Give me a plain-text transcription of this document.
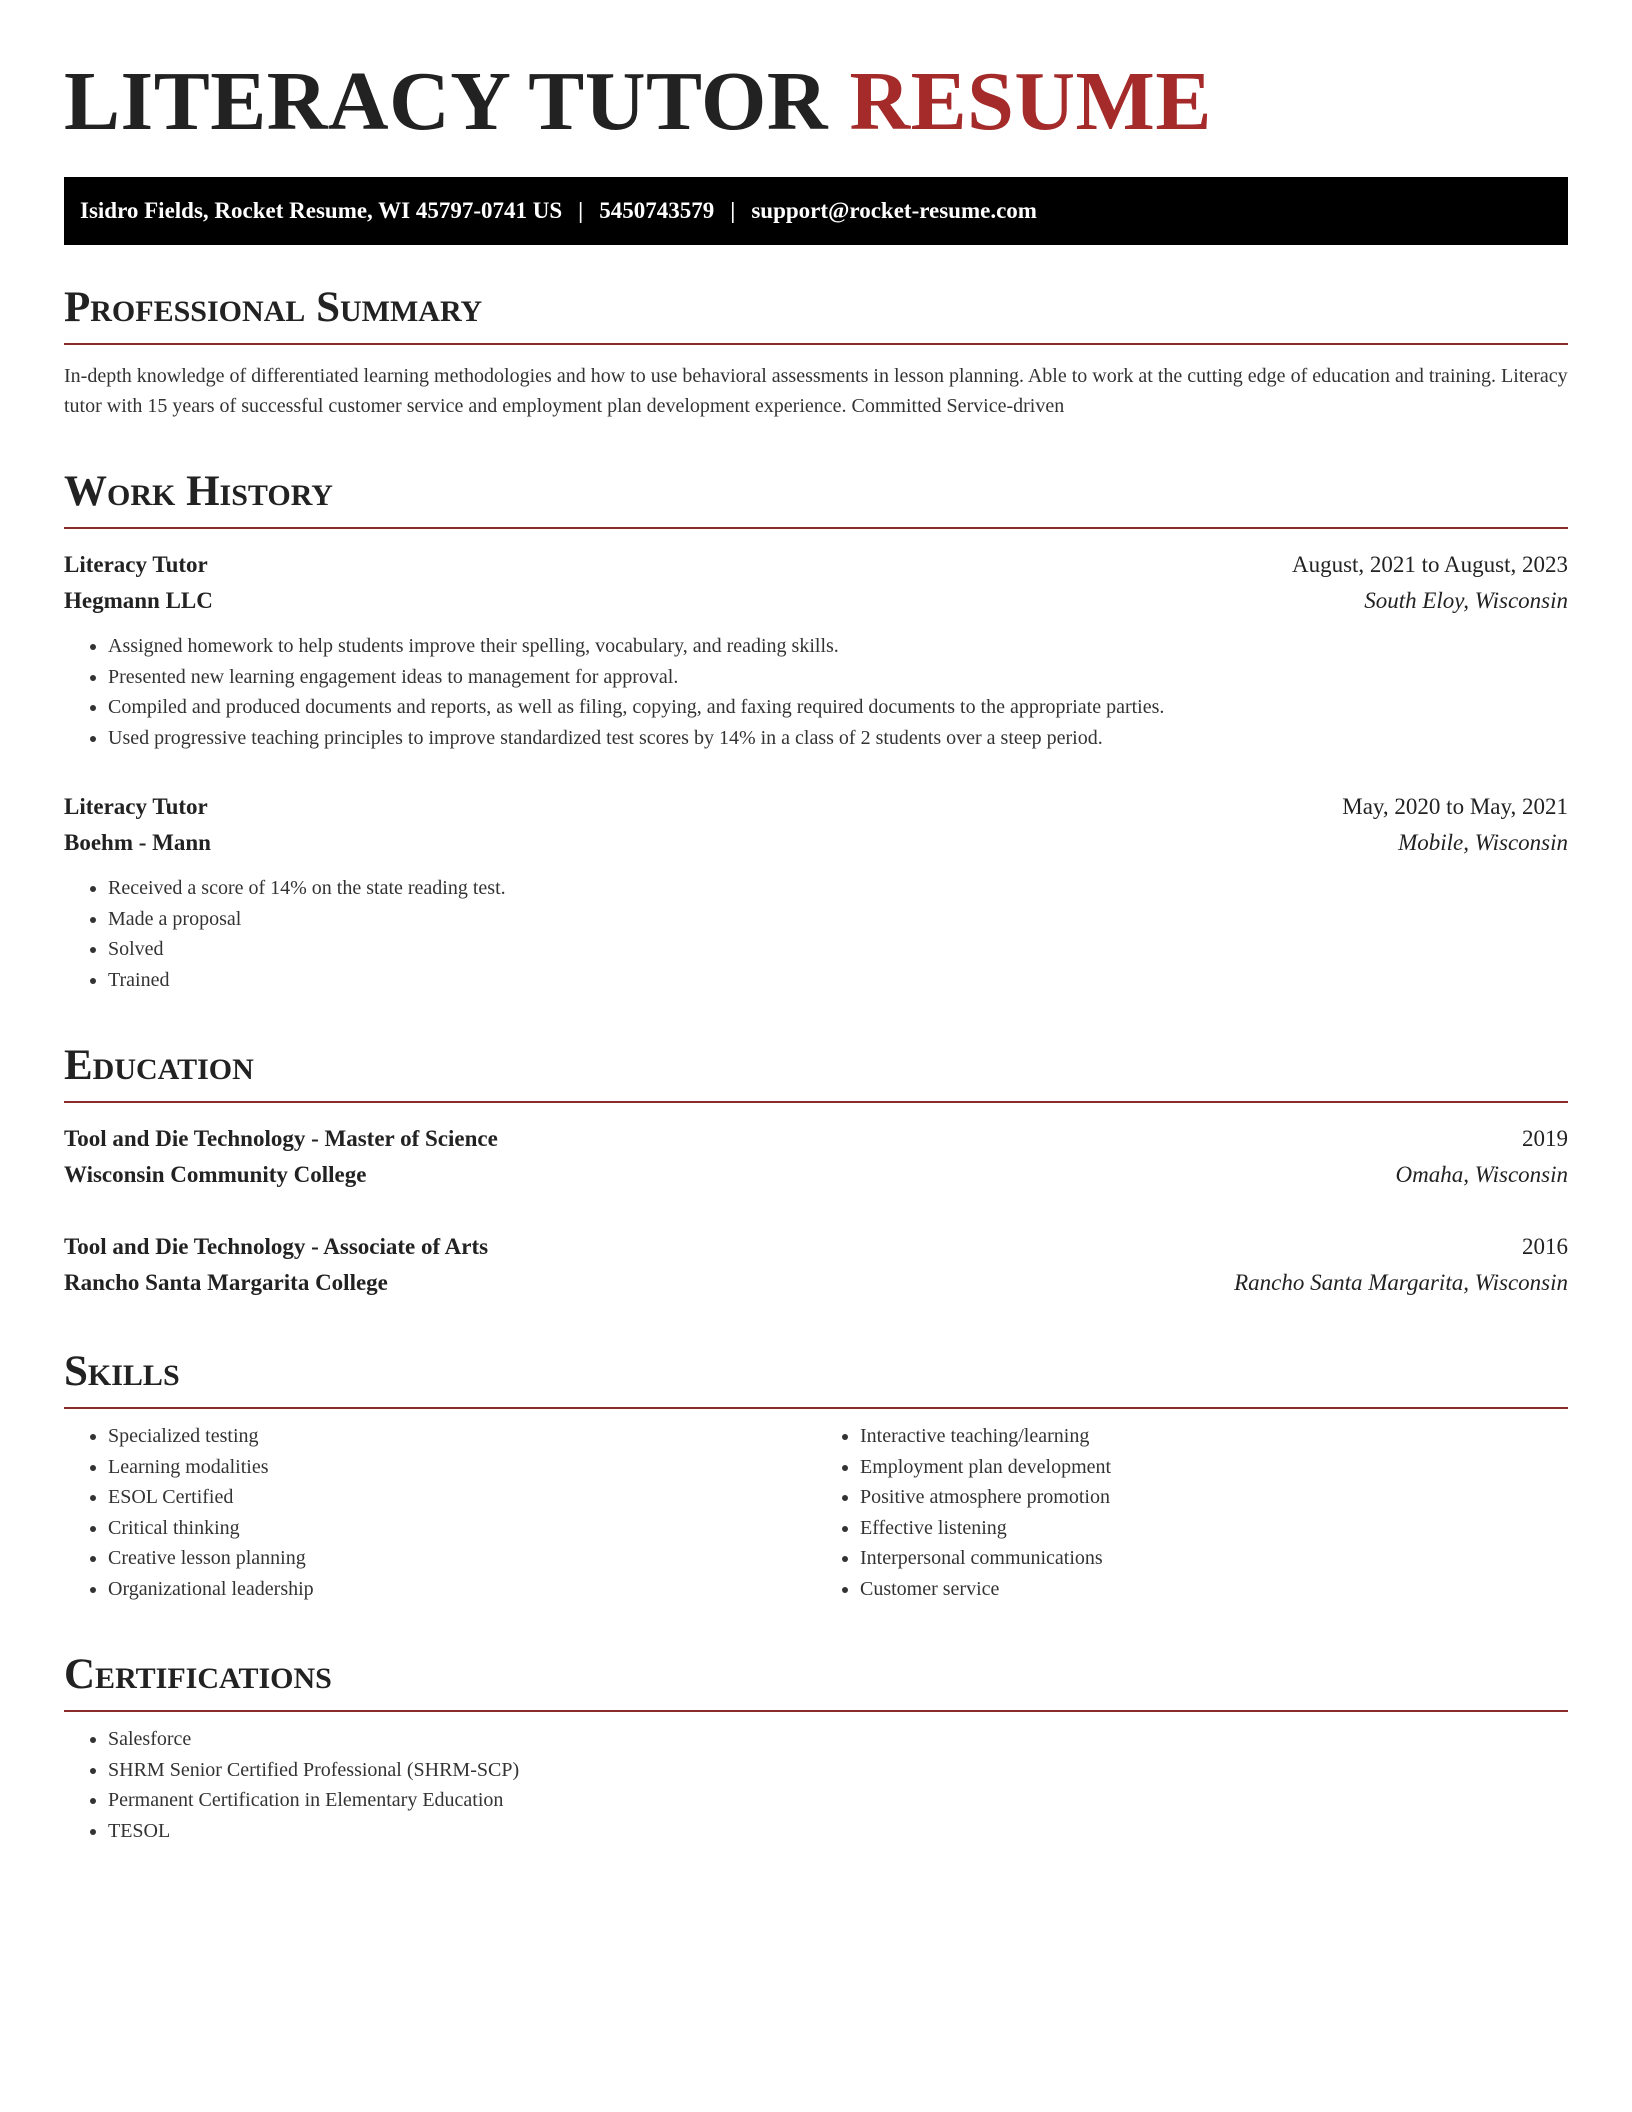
LITERACY TUTOR RESUME
Isidro Fields, Rocket Resume, WI 45797-0741 US | 5450743579 | support@rocket-resume.com
Professional Summary

In-depth knowledge of differentiated learning methodologies and how to use behavioral assessments in lesson planning. Able to work at the cutting edge of education and training. Literacy tutor with 15 years of successful customer service and employment plan development experience. Committed Service-driven

Work History
Literacy Tutor	August, 2021 to August, 2023
Hegmann LLC	South Eloy, Wisconsin
• Assigned homework to help students improve their spelling, vocabulary, and reading skills.
• Presented new learning engagement ideas to management for approval.
• Compiled and produced documents and reports, as well as filing, copying, and faxing required documents to the appropriate parties.
• Used progressive teaching principles to improve standardized test scores by 14% in a class of 2 students over a steep period.
Literacy Tutor	May, 2020 to May, 2021
Boehm - Mann	Mobile, Wisconsin
• Received a score of 14% on the state reading test.
• Made a proposal
• Solved
• Trained
Education
Tool and Die Technology - Master of Science	2019
Wisconsin Community College	Omaha, Wisconsin
Tool and Die Technology - Associate of Arts	2016
Rancho Santa Margarita College	Rancho Santa Margarita, Wisconsin
Skills
• Specialized testing
• Learning modalities
• ESOL Certified
• Critical thinking
• Creative lesson planning
• Organizational leadership
• Interactive teaching/learning
• Employment plan development
• Positive atmosphere promotion
• Effective listening
• Interpersonal communications
• Customer service
Certifications
• Salesforce
• SHRM Senior Certified Professional (SHRM-SCP)
• Permanent Certification in Elementary Education
• TESOL
